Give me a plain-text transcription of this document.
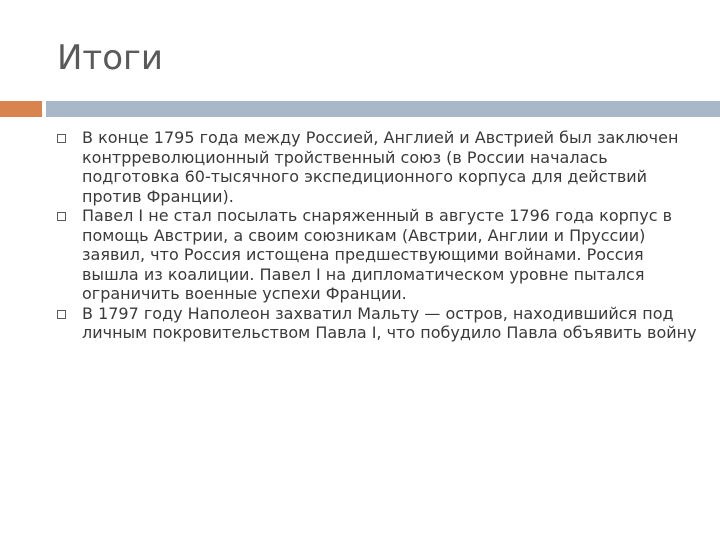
Итоги
В конце 1795 года между Россией, Англией и Австрией был заключен контрреволюционный тройственный союз (в России началась подготовка 60-тысячного экспедиционного корпуса для действий против Франции).
Павел I не стал посылать снаряженный в августе 1796 года корпус в помощь Австрии, а своим союзникам (Австрии, Англии и Пруссии) заявил, что Россия истощена предшествующими войнами. Россия вышла из коалиции. Павел I на дипломатическом уровне пытался ограничить военные успехи Франции.
В 1797 году Наполеон захватил Мальту — остров, находившийся под личным покровительством Павла I, что побудило Павла объявить войну
